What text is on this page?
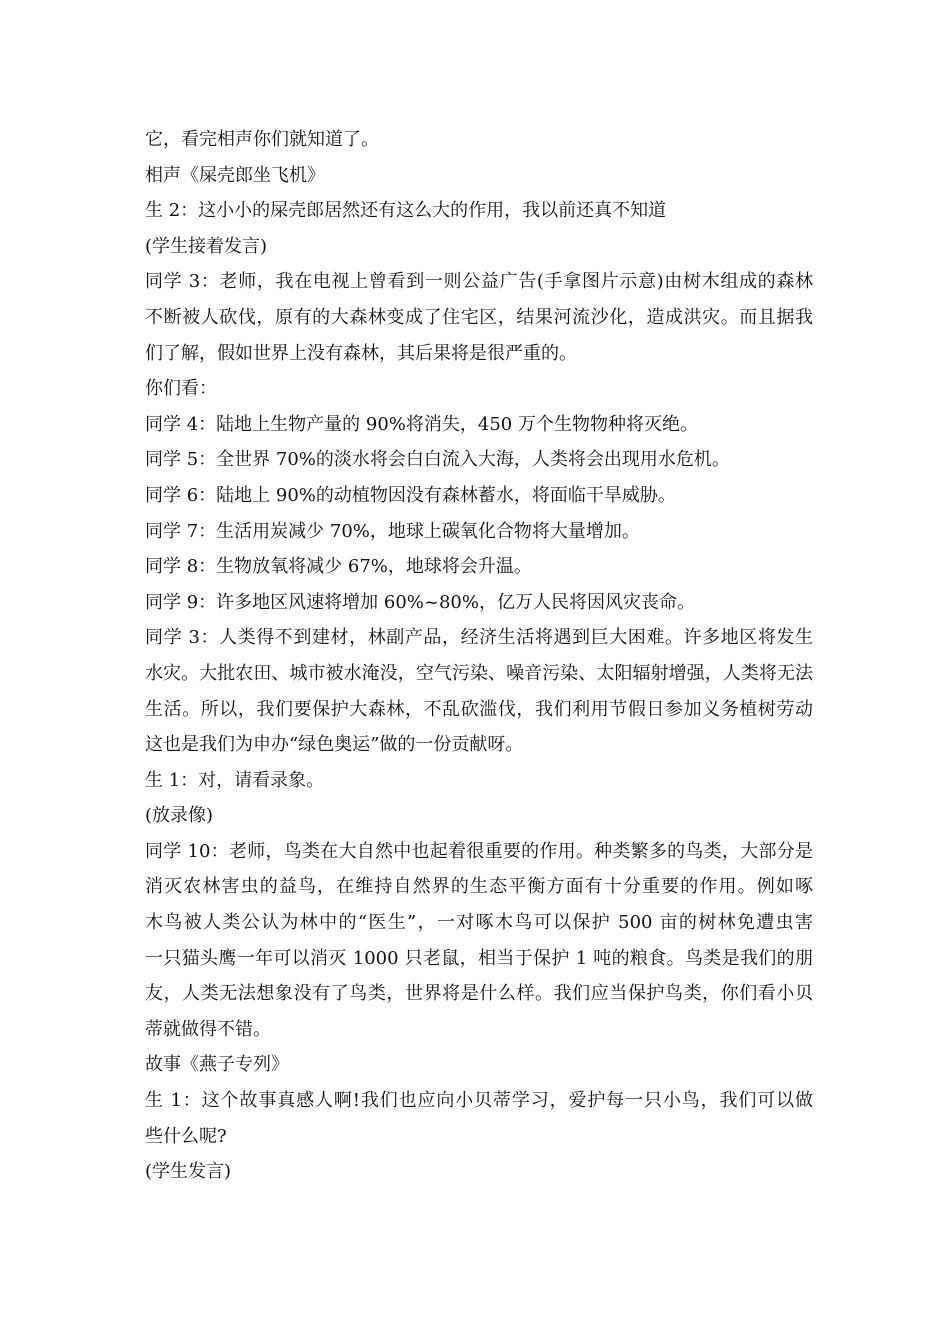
它，看完相声你们就知道了。
相声《屎壳郎坐飞机》
生 2：这小小的屎壳郎居然还有这么大的作用，我以前还真不知道
(学生接着发言)
同学 3：老师，我在电视上曾看到一则公益广告(手拿图片示意)由树木组成的森林
不断被人砍伐，原有的大森林变成了住宅区，结果河流沙化，造成洪灾。而且据我
们了解，假如世界上没有森林，其后果将是很严重的。
你们看：
同学 4：陆地上生物产量的 90%将消失，450 万个生物物种将灭绝。
同学 5：全世界 70%的淡水将会白白流入大海，人类将会出现用水危机。
同学 6：陆地上 90%的动植物因没有森林蓄水，将面临干旱威胁。
同学 7：生活用炭减少 70%，地球上碳氧化合物将大量增加。
同学 8：生物放氧将减少 67%，地球将会升温。
同学 9：许多地区风速将增加 60%~80%，亿万人民将因风灾丧命。
同学 3：人类得不到建材，林副产品，经济生活将遇到巨大困难。许多地区将发生
水灾。大批农田、城市被水淹没，空气污染、噪音污染、太阳辐射增强，人类将无法
生活。所以，我们要保护大森林，不乱砍滥伐，我们利用节假日参加义务植树劳动
这也是我们为申办“绿色奥运”做的一份贡献呀。
生 1：对，请看录象。
(放录像)
同学 10：老师，鸟类在大自然中也起着很重要的作用。种类繁多的鸟类，大部分是
消灭农林害虫的益鸟，在维持自然界的生态平衡方面有十分重要的作用。例如啄
木鸟被人类公认为林中的“医生”，一对啄木鸟可以保护 500 亩的树林免遭虫害
一只猫头鹰一年可以消灭 1000 只老鼠，相当于保护 1 吨的粮食。鸟类是我们的朋
友，人类无法想象没有了鸟类，世界将是什么样。我们应当保护鸟类，你们看小贝
蒂就做得不错。
故事《燕子专列》
生 1：这个故事真感人啊!我们也应向小贝蒂学习，爱护每一只小鸟，我们可以做
些什么呢?
(学生发言)
